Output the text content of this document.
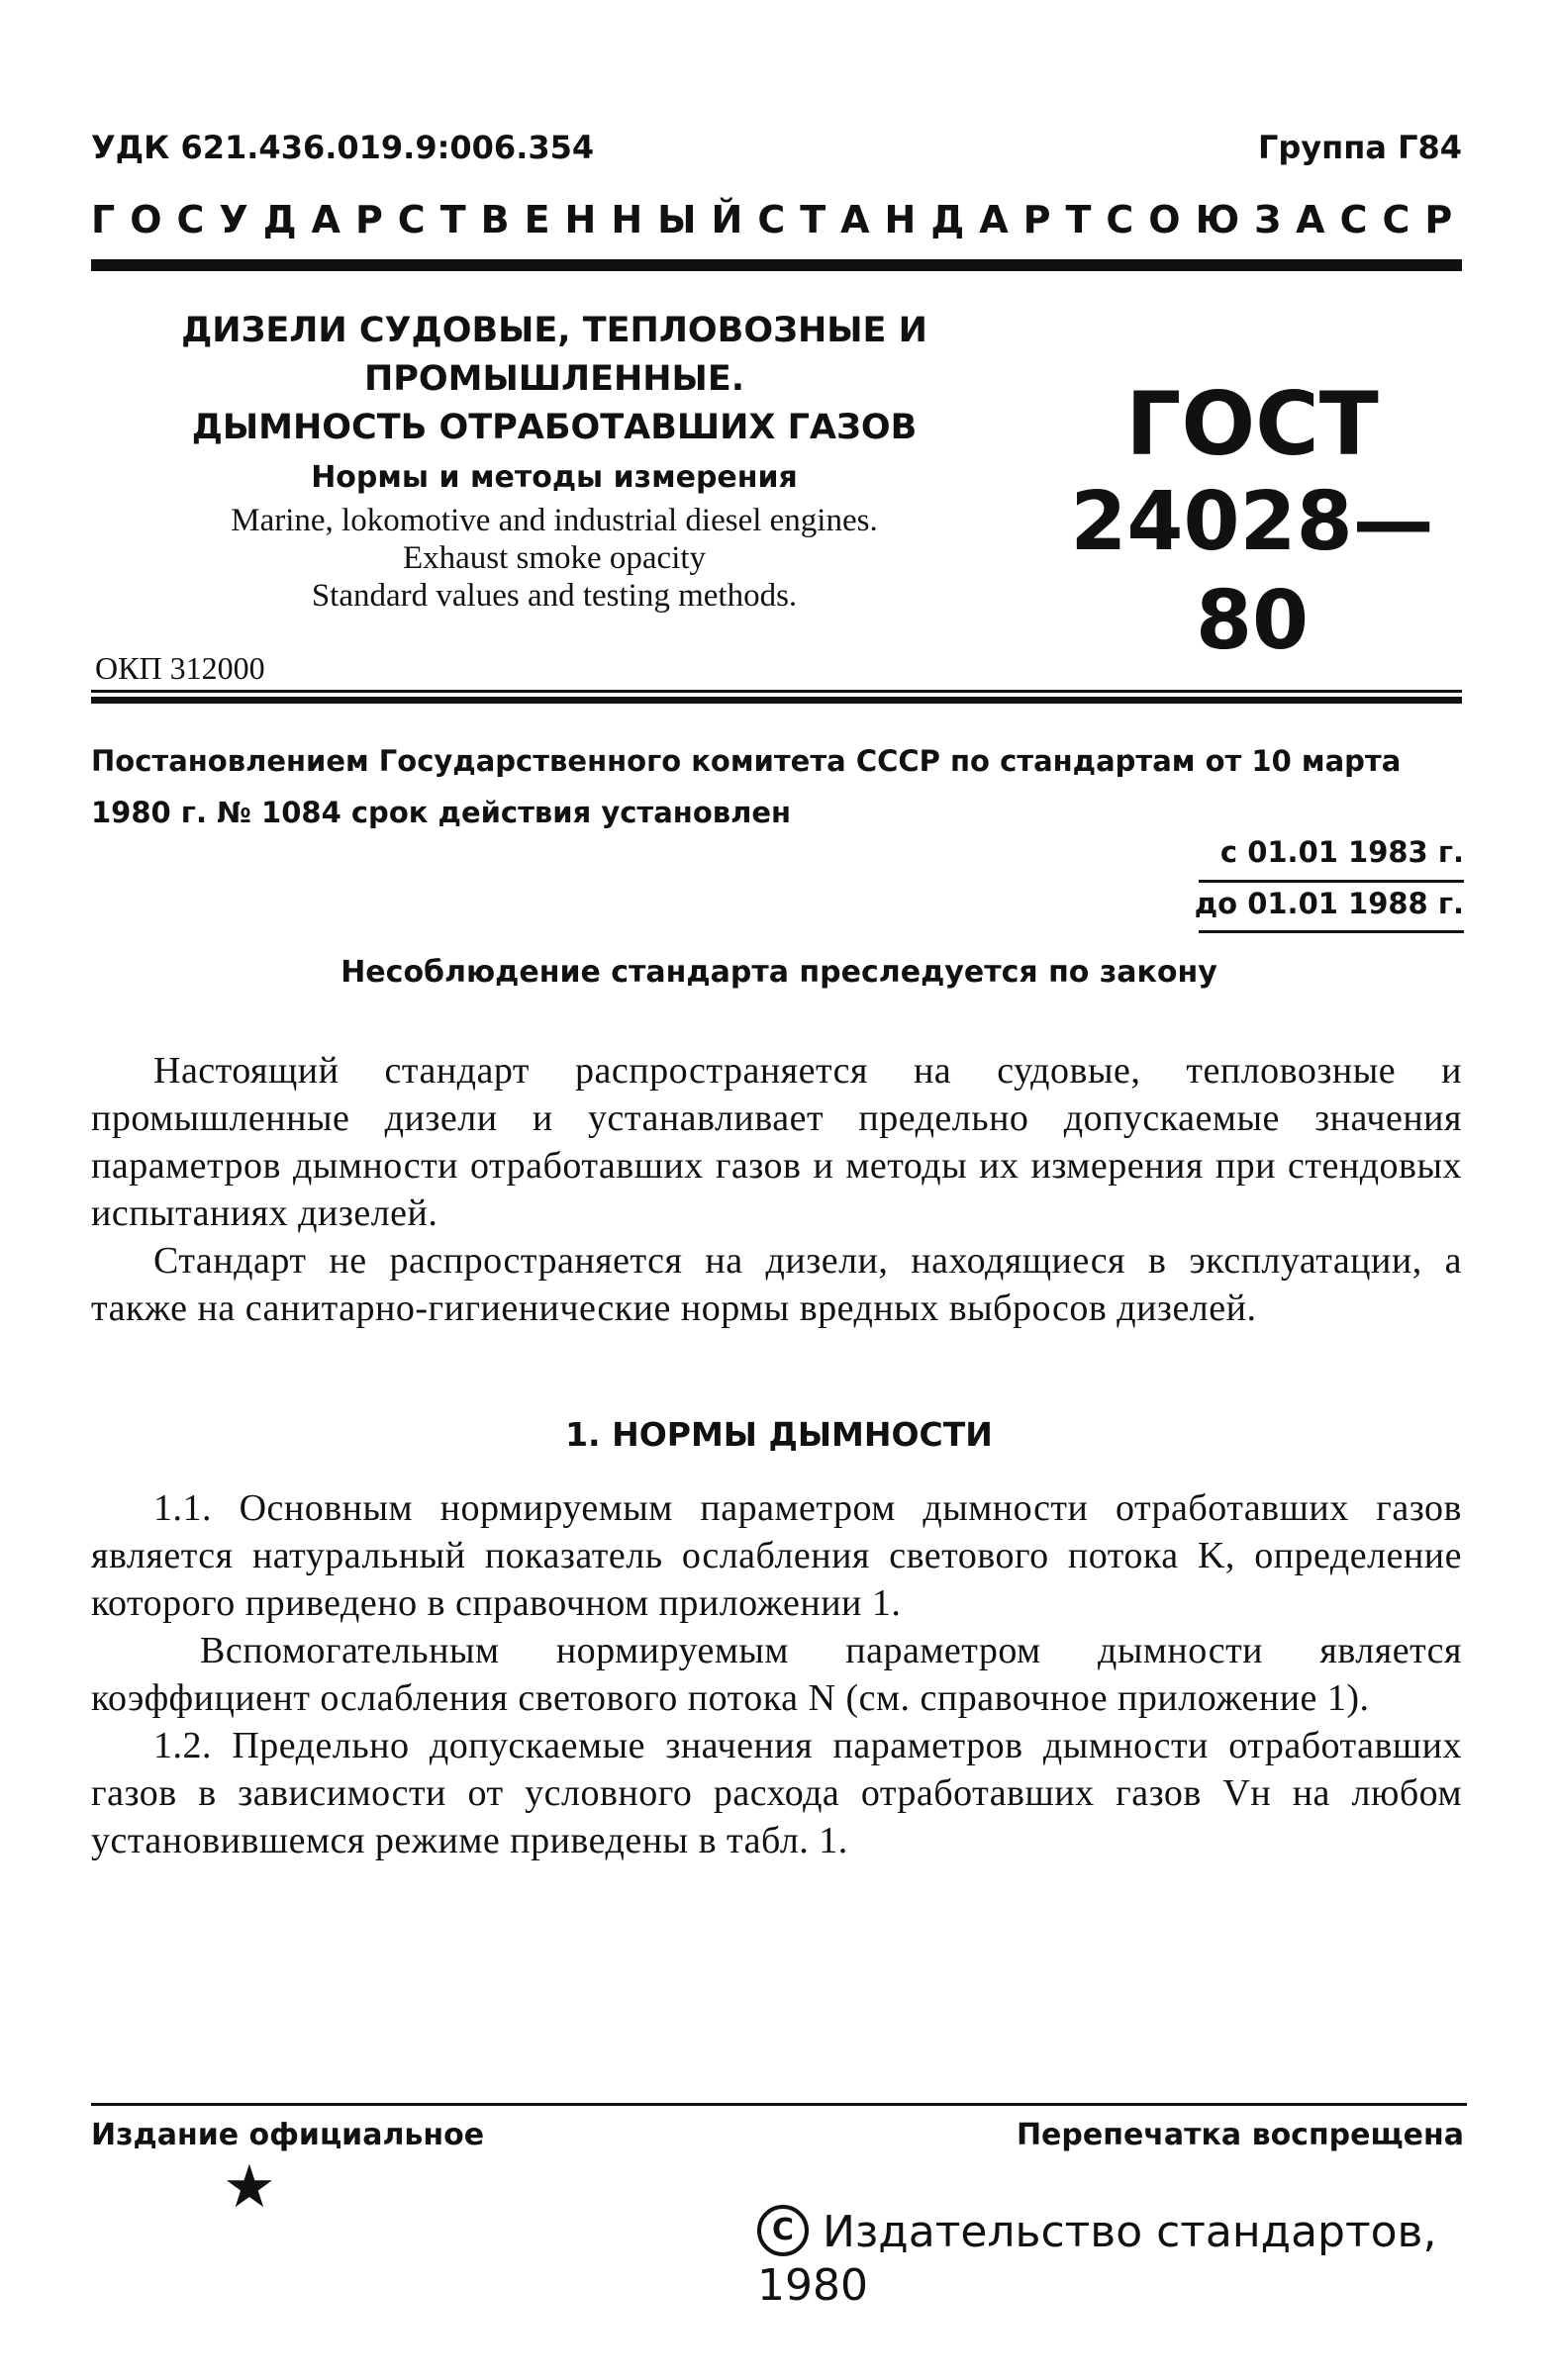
УДК 621.436.019.9:006.354	Группа Г84
ГОСУДАРСТВЕННЫЙ СТАНДАРТ СОЮЗА ССР
ДИЗЕЛИ СУДОВЫЕ, ТЕПЛОВОЗНЫЕ И
ПРОМЫШЛЕННЫЕ.
ДЫМНОСТЬ ОТРАБОТАВШИХ ГАЗОВ
Нормы и методы измерения
Marine, lokomotive and industrial diesel engines.
Exhaust smoke opacity
Standard values and testing methods.
ГОСТ
24028—80
ОКП 312000
Постановлением Государственного комитета СССР по стандартам от 10 марта 1980 г. № 1084 срок действия установлен
с 01.01 1983 г.
до 01.01 1988 г.
Несоблюдение стандарта преследуется по закону

Настоящий стандарт распространяется на судовые, тепловозные и промышленные дизели и устанавливает предельно допускаемые значения параметров дымности отработавших газов и методы их измерения при стендовых испытаниях дизелей.

Стандарт не распространяется на дизели, находящиеся в эксплуатации, а также на санитарно-гигиенические нормы вредных выбросов дизелей.

1. НОРМЫ ДЫМНОСТИ

1.1. Основным нормируемым параметром дымности отработавших газов является натуральный показатель ослабления светового потока K, определение которого приведено в справочном приложении 1.

Вспомогательным нормируемым параметром дымности является коэффициент ослабления светового потока N (см. справочное приложение 1).

1.2. Предельно допускаемые значения параметров дымности отработавших газов в зависимости от условного расхода отработавших газов Vн на любом установившемся режиме приведены в табл. 1.

Издание официальное	Перепечатка воспрещена
★
C Издательство стандартов, 1980
